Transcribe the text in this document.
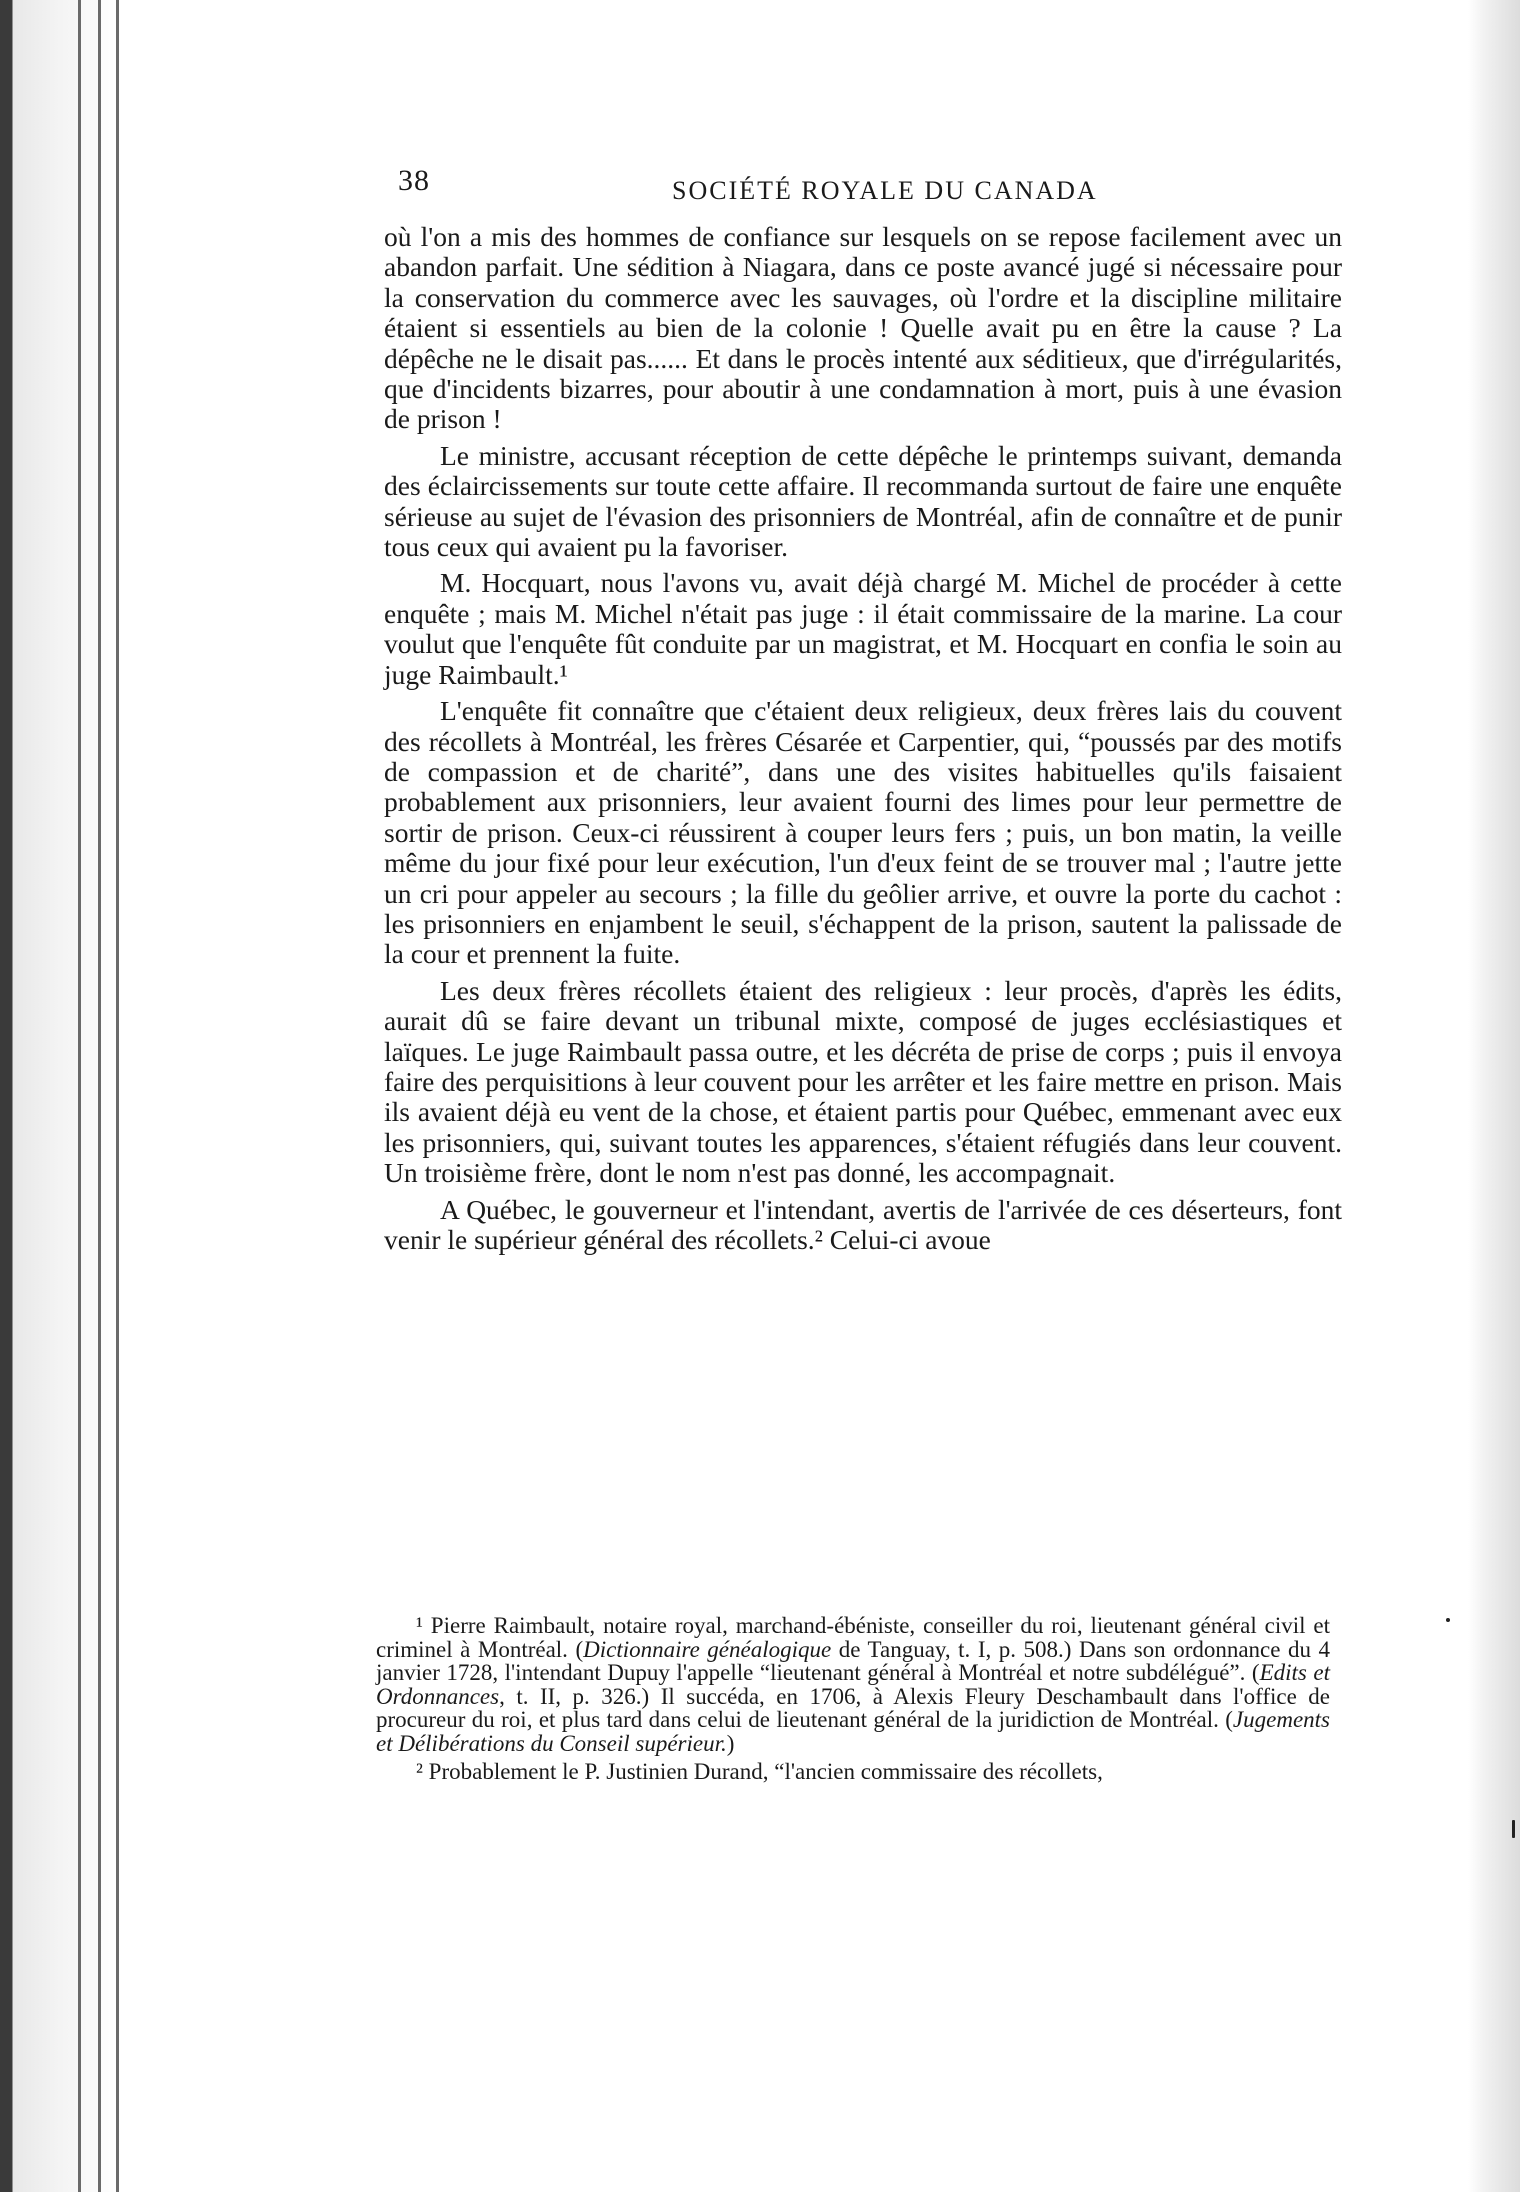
38	SOCIÉTÉ ROYALE DU CANADA

où l'on a mis des hommes de confiance sur lesquels on se repose facilement avec un abandon parfait. Une sédition à Niagara, dans ce poste avancé jugé si nécessaire pour la conservation du commerce avec les sauvages, où l'ordre et la discipline militaire étaient si essentiels au bien de la colonie ! Quelle avait pu en être la cause ? La dépêche ne le disait pas...... Et dans le procès intenté aux séditieux, que d'irrégularités, que d'incidents bizarres, pour aboutir à une condamnation à mort, puis à une évasion de prison !

Le ministre, accusant réception de cette dépêche le printemps suivant, demanda des éclaircissements sur toute cette affaire. Il recommanda surtout de faire une enquête sérieuse au sujet de l'évasion des prisonniers de Montréal, afin de connaître et de punir tous ceux qui avaient pu la favoriser.

M. Hocquart, nous l'avons vu, avait déjà chargé M. Michel de procéder à cette enquête ; mais M. Michel n'était pas juge : il était commissaire de la marine. La cour voulut que l'enquête fût conduite par un magistrat, et M. Hocquart en confia le soin au juge Raimbault.¹

L'enquête fit connaître que c'étaient deux religieux, deux frères lais du couvent des récollets à Montréal, les frères Césarée et Carpentier, qui, “poussés par des motifs de compassion et de charité”, dans une des visites habituelles qu'ils faisaient probablement aux prisonniers, leur avaient fourni des limes pour leur permettre de sortir de prison. Ceux-ci réussirent à couper leurs fers ; puis, un bon matin, la veille même du jour fixé pour leur exécution, l'un d'eux feint de se trouver mal ; l'autre jette un cri pour appeler au secours ; la fille du geôlier arrive, et ouvre la porte du cachot : les prisonniers en enjambent le seuil, s'échappent de la prison, sautent la palissade de la cour et prennent la fuite.

Les deux frères récollets étaient des religieux : leur procès, d'après les édits, aurait dû se faire devant un tribunal mixte, composé de juges ecclésiastiques et laïques. Le juge Raimbault passa outre, et les décréta de prise de corps ; puis il envoya faire des perquisitions à leur couvent pour les arrêter et les faire mettre en prison. Mais ils avaient déjà eu vent de la chose, et étaient partis pour Québec, emmenant avec eux les prisonniers, qui, suivant toutes les apparences, s'étaient réfugiés dans leur couvent. Un troisième frère, dont le nom n'est pas donné, les accompagnait.

A Québec, le gouverneur et l'intendant, avertis de l'arrivée de ces déserteurs, font venir le supérieur général des récollets.² Celui-ci avoue

¹ Pierre Raimbault, notaire royal, marchand-ébéniste, conseiller du roi, lieutenant général civil et criminel à Montréal. (Dictionnaire généalogique de Tanguay, t. I, p. 508.) Dans son ordonnance du 4 janvier 1728, l'intendant Dupuy l'appelle “lieutenant général à Montréal et notre subdélégué”. (Edits et Ordonnances, t. II, p. 326.) Il succéda, en 1706, à Alexis Fleury Deschambault dans l'office de procureur du roi, et plus tard dans celui de lieutenant général de la juridiction de Montréal. (Jugements et Délibérations du Conseil supérieur.)

² Probablement le P. Justinien Durand, “l'ancien commissaire des récollets,
